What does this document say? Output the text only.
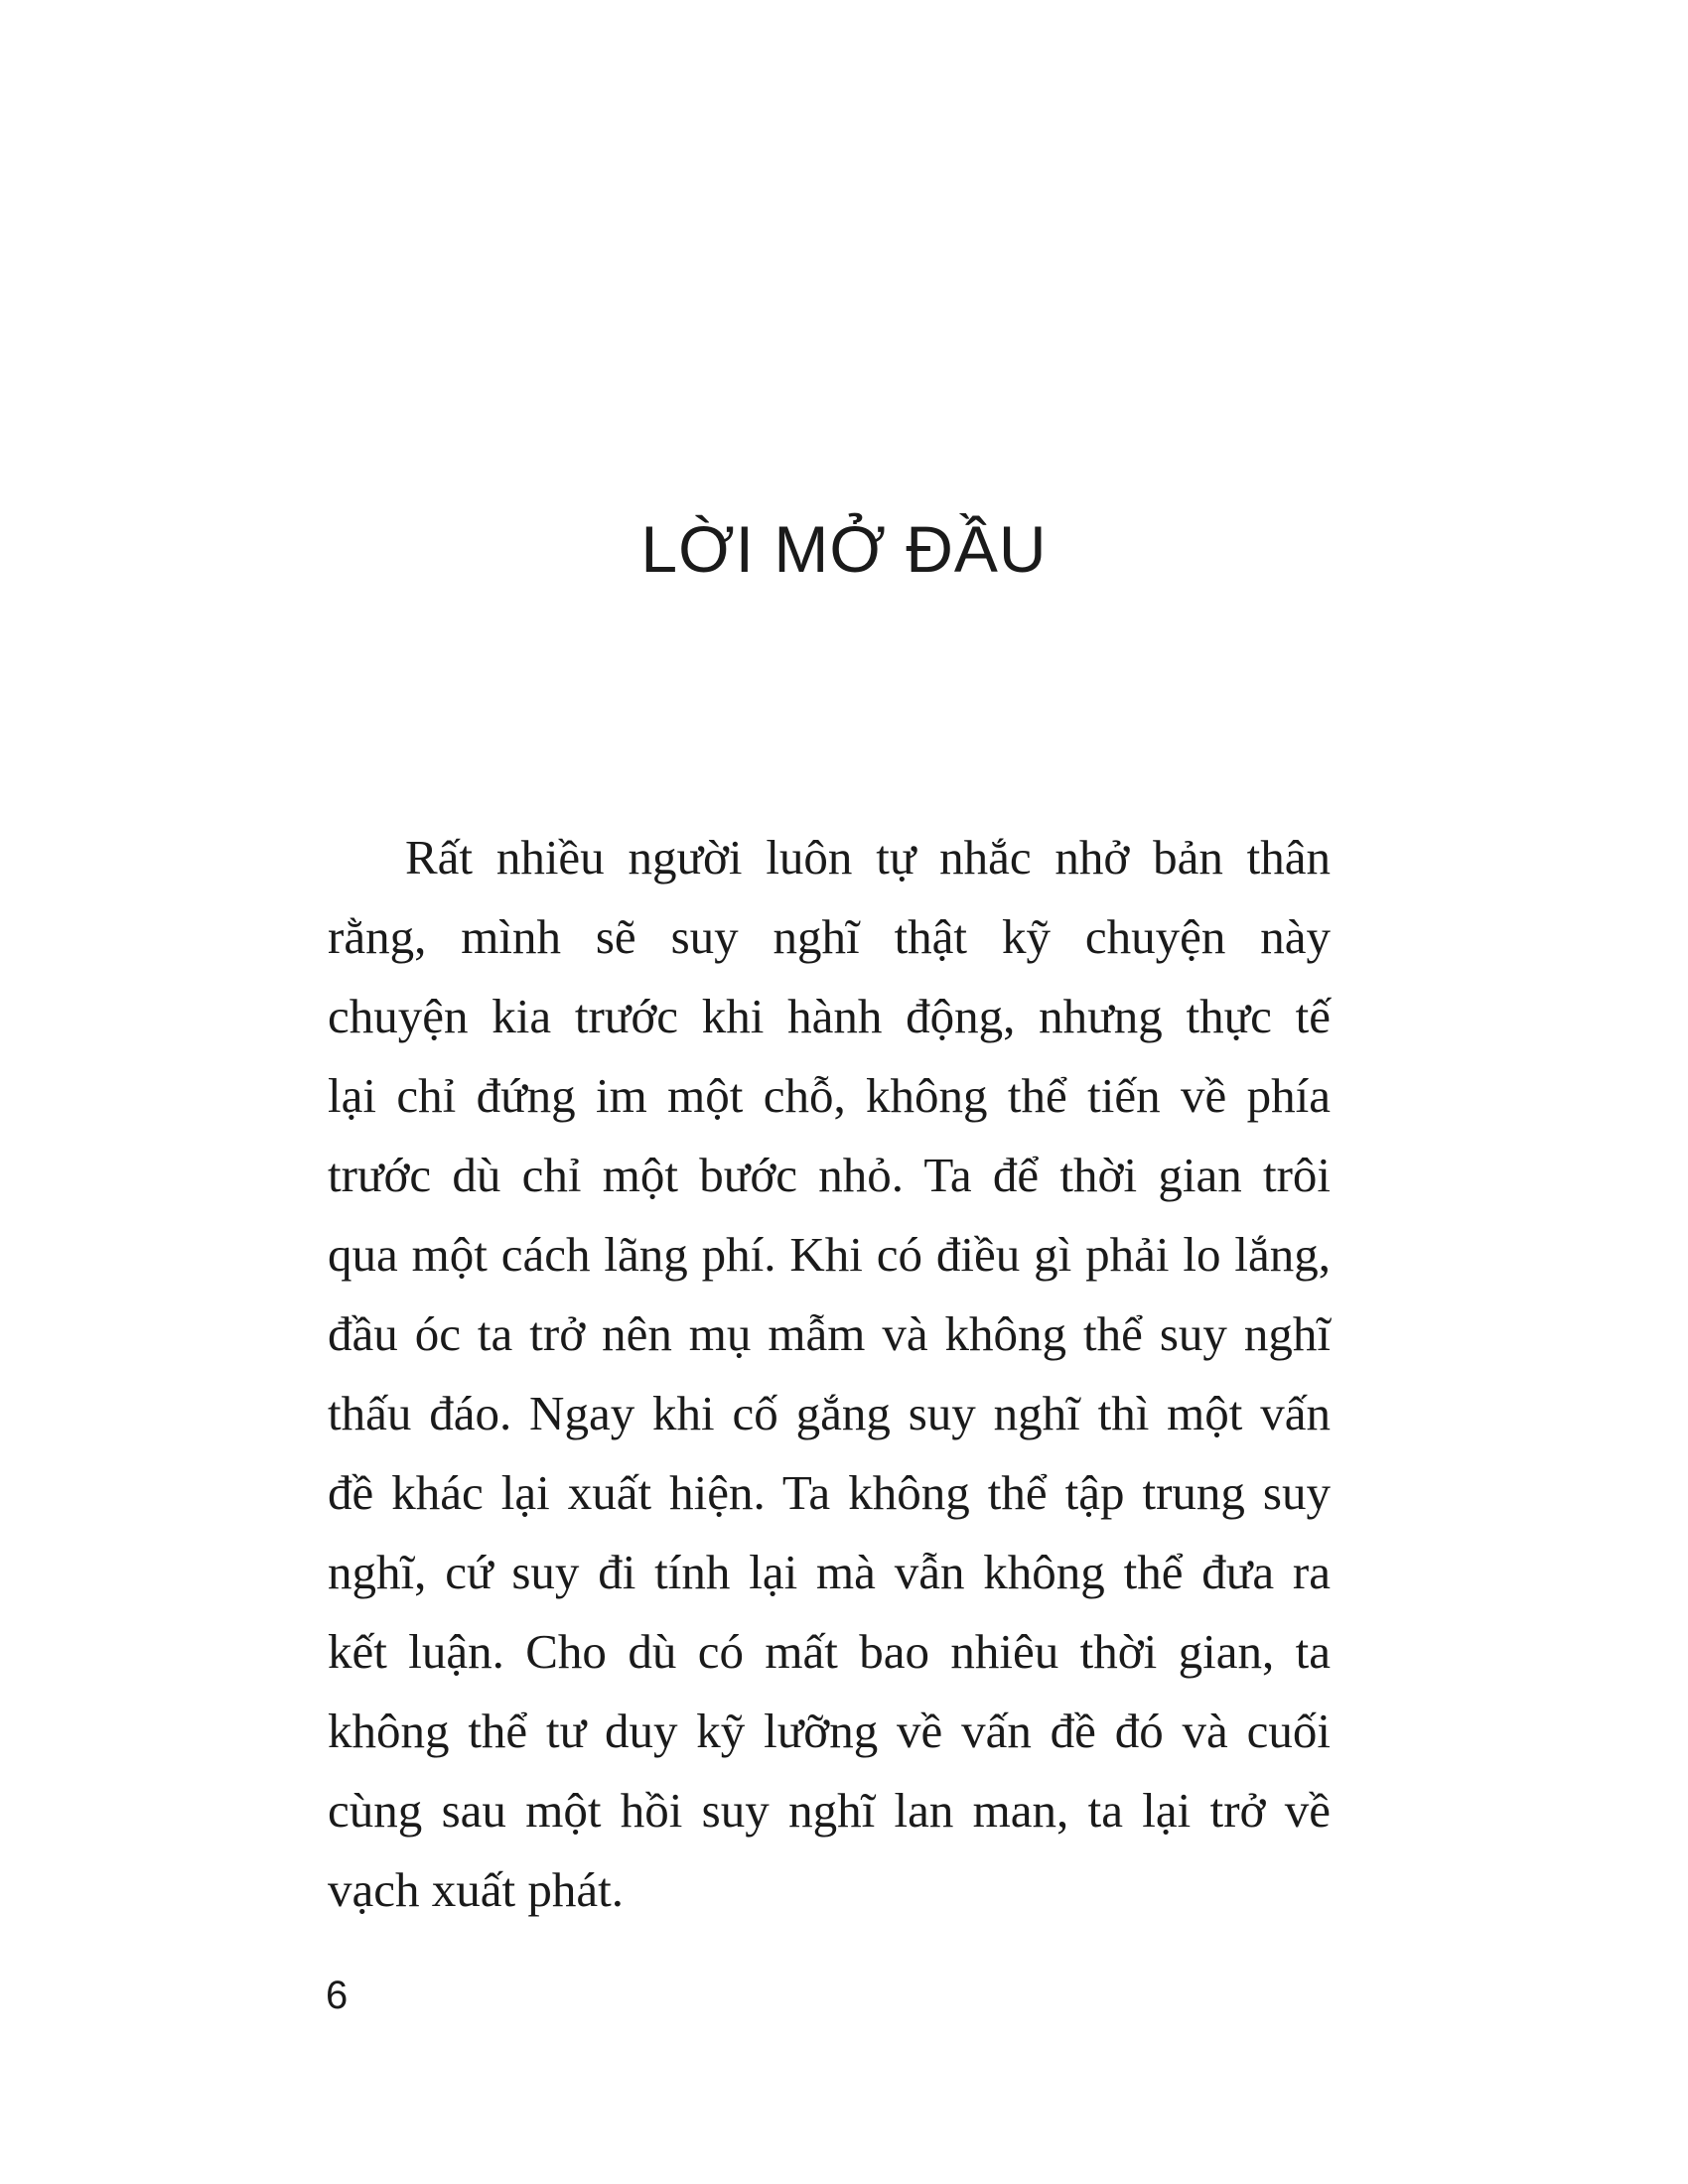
LỜI MỞ ĐẦU
Rất nhiều người luôn tự nhắc nhở bản thân
rằng, mình sẽ suy nghĩ thật kỹ chuyện này
chuyện kia trước khi hành động, nhưng thực tế
lại chỉ đứng im một chỗ, không thể tiến về phía
trước dù chỉ một bước nhỏ. Ta để thời gian trôi
qua một cách lãng phí. Khi có điều gì phải lo lắng,
đầu óc ta trở nên mụ mẫm và không thể suy nghĩ
thấu đáo. Ngay khi cố gắng suy nghĩ thì một vấn
đề khác lại xuất hiện. Ta không thể tập trung suy
nghĩ, cứ suy đi tính lại mà vẫn không thể đưa ra
kết luận. Cho dù có mất bao nhiêu thời gian, ta
không thể tư duy kỹ lưỡng về vấn đề đó và cuối
cùng sau một hồi suy nghĩ lan man, ta lại trở về
vạch xuất phát.
6
